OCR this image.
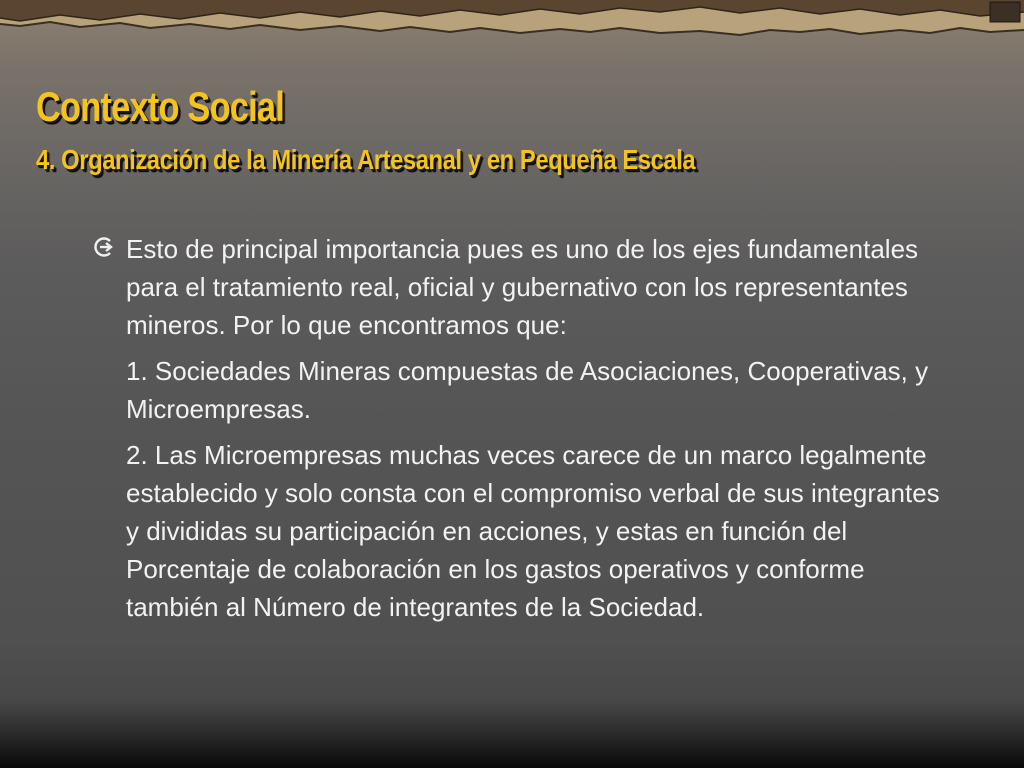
Contexto Social
4. Organización de la Minería Artesanal y en Pequeña Escala

Esto de principal importancia pues es uno de los ejes fundamentales para el tratamiento real, oficial y gubernativo con los representantes mineros. Por lo que encontramos que:

1. Sociedades Mineras compuestas de Asociaciones, Cooperativas, y Microempresas.

2. Las Microempresas muchas veces carece de un marco legalmente establecido y solo consta con el compromiso verbal de sus integrantes y divididas su participación en acciones, y estas en función del Porcentaje de colaboración en los gastos operativos y conforme también al Número de integrantes de la Sociedad.
